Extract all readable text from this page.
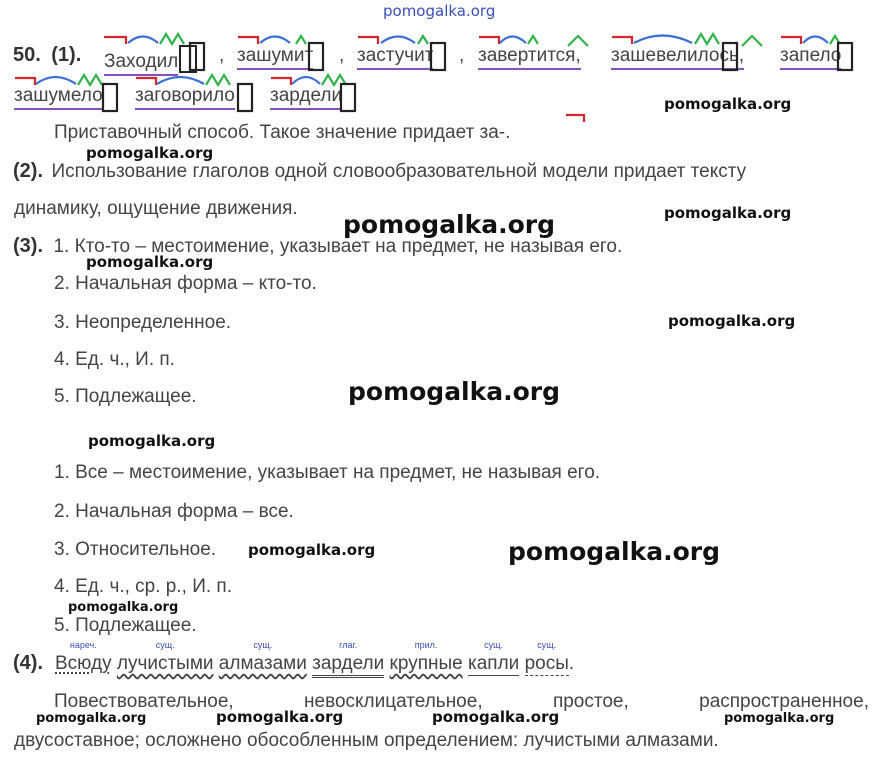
pomogalka.org
50. (1). Заходил	, зашумит , застучит , завертится, зашевелилось, запело
зашумело заговорило зардели
Приставочный способ. Такое значение придает за-.
(2). Использование глаголов одной словообразовательной модели придает тексту
динамику, ощущение движения.
(3). 1. Кто-то – местоимение, указывает на предмет, не называя его.
2. Начальная форма – кто-то.
3. Неопределенное.
4. Ед. ч., И. п.
5. Подлежащее.
1. Все – местоимение, указывает на предмет, не называя его.
2. Начальная форма – все.
3. Относительное.
4. Ед. ч., ср. р., И. п.
5. Подлежащее.
(4).
нареч.
Всюду
сущ.
лучистыми
сущ.
алмазами
глаг.
зардели
прил.
крупные
сущ.
капли
сущ.
росы.
Повествовательное,	невосклицательное,	простое,	распространенное,
двусоставное; осложнено обособленным определением: лучистыми алмазами.
pomogalka.org
pomogalka.org
pomogalka.org	pomogalka.org
pomogalka.org
pomogalka.org
pomogalka.org
pomogalka.org
pomogalka.org	pomogalka.org
pomogalka.org
pomogalka.org	pomogalka.org	pomogalka.org	pomogalka.org
